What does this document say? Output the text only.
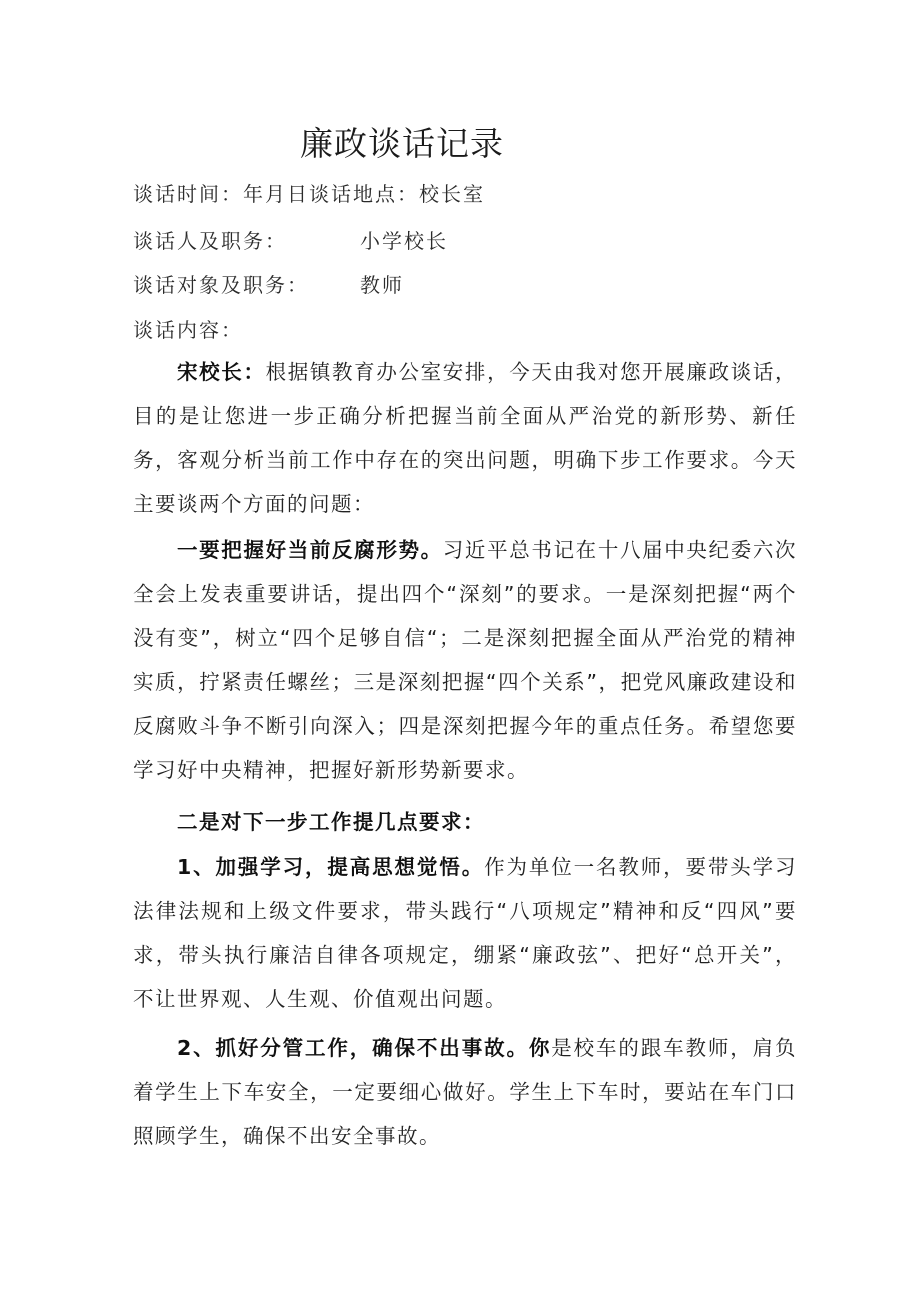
廉政谈话记录
谈话时间：年月日谈话地点：校长室
谈话人及职务：	小学校长
谈话对象及职务：	教师
谈话内容：
宋校长：根据镇教育办公室安排，今天由我对您开展廉政谈话，目的是让您进一步正确分析把握当前全面从严治党的新形势、新任务，客观分析当前工作中存在的突出问题，明确下步工作要求。今天主要谈两个方面的问题：
一要把握好当前反腐形势。习近平总书记在十八届中央纪委六次全会上发表重要讲话，提出四个“深刻”的要求。一是深刻把握“两个没有变”，树立“四个足够自信“；二是深刻把握全面从严治党的精神实质，拧紧责任螺丝；三是深刻把握“四个关系”，把党风廉政建设和反腐败斗争不断引向深入；四是深刻把握今年的重点任务。希望您要学习好中央精神，把握好新形势新要求。
二是对下一步工作提几点要求：
1、加强学习，提高思想觉悟。作为单位一名教师，要带头学习法律法规和上级文件要求，带头践行“八项规定”精神和反“四风”要求，带头执行廉洁自律各项规定，绷紧“廉政弦”、把好“总开关”，不让世界观、人生观、价值观出问题。
2、抓好分管工作，确保不出事故。你是校车的跟车教师，肩负着学生上下车安全，一定要细心做好。学生上下车时，要站在车门口照顾学生，确保不出安全事故。
